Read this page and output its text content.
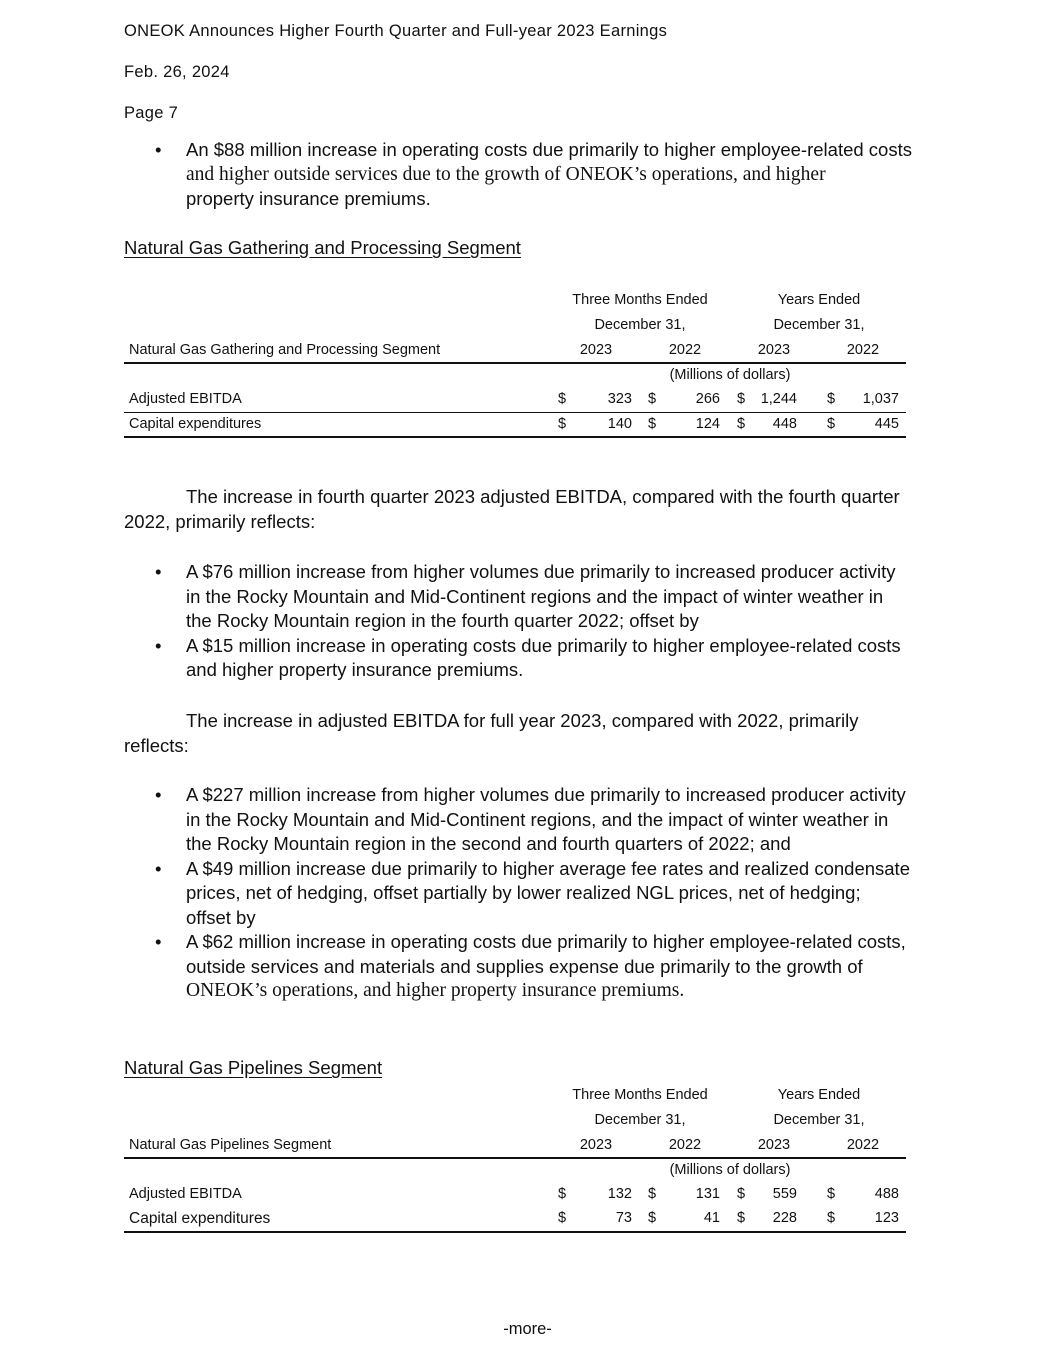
ONEOK Announces Higher Fourth Quarter and Full-year 2023 Earnings
Feb. 26, 2024
Page 7
• An $88 million increase in operating costs due primarily to higher employee-related costs
and higher outside services due to the growth of ONEOK’s operations, and higher
property insurance premiums.
Natural Gas Gathering and Processing Segment
Three Months Ended	Years Ended
December 31,	December 31,
Natural Gas Gathering and Processing Segment	2023	2022	2023	2022
(Millions of dollars)
Adjusted EBITDA	$	323 $	266 $	1,244 $	1,037
Capital expenditures	$	140 $	124 $	448 $	445
The increase in fourth quarter 2023 adjusted EBITDA, compared with the fourth quarter
2022, primarily reflects:
• A $76 million increase from higher volumes due primarily to increased producer activity
in the Rocky Mountain and Mid-Continent regions and the impact of winter weather in
the Rocky Mountain region in the fourth quarter 2022; offset by
• A $15 million increase in operating costs due primarily to higher employee-related costs
and higher property insurance premiums.
The increase in adjusted EBITDA for full year 2023, compared with 2022, primarily
reflects:
• A $227 million increase from higher volumes due primarily to increased producer activity
in the Rocky Mountain and Mid-Continent regions, and the impact of winter weather in
the Rocky Mountain region in the second and fourth quarters of 2022; and
• A $49 million increase due primarily to higher average fee rates and realized condensate
prices, net of hedging, offset partially by lower realized NGL prices, net of hedging;
offset by
• A $62 million increase in operating costs due primarily to higher employee-related costs,
outside services and materials and supplies expense due primarily to the growth of
ONEOK’s operations, and higher property insurance premiums.
Natural Gas Pipelines Segment
Three Months Ended	Years Ended
December 31,	December 31,
Natural Gas Pipelines Segment	2023	2022	2023	2022
(Millions of dollars)
Adjusted EBITDA	$	132 $	131 $	559 $	488
Capital expenditures	$	73 $	41 $	228 $	123
-more-
